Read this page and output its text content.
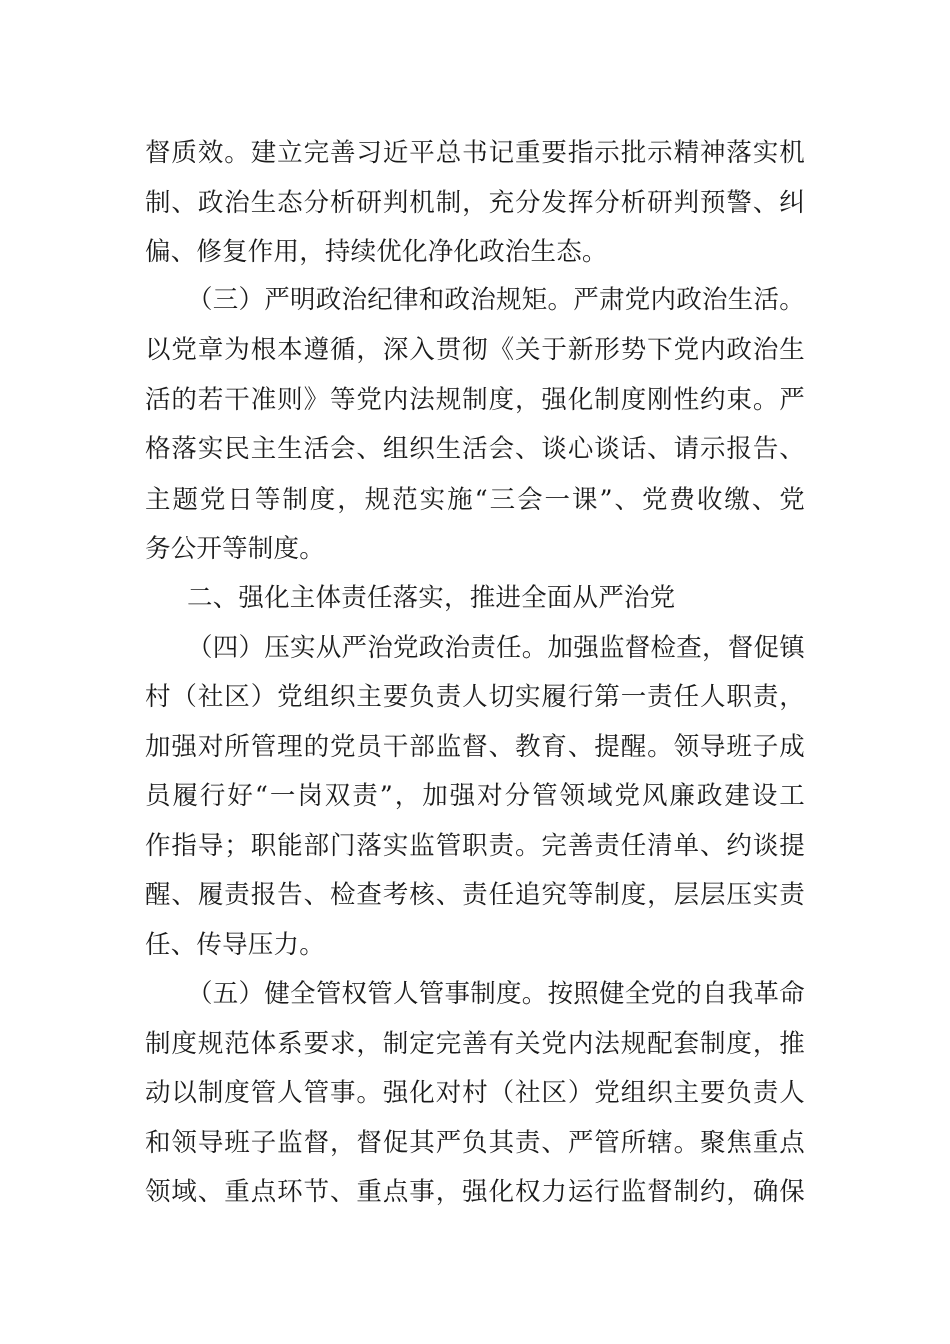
督质效。建立完善习近平总书记重要指示批示精神落实机
制、政治生态分析研判机制，充分发挥分析研判预警、纠
偏、修复作用，持续优化净化政治生态。
（三）严明政治纪律和政治规矩。严肃党内政治生活。
以党章为根本遵循，深入贯彻《关于新形势下党内政治生
活的若干准则》等党内法规制度，强化制度刚性约束。严
格落实民主生活会、组织生活会、谈心谈话、请示报告、
主题党日等制度，规范实施“三会一课”、党费收缴、党
务公开等制度。
二、强化主体责任落实，推进全面从严治党
（四）压实从严治党政治责任。加强监督检查，督促镇
村（社区）党组织主要负责人切实履行第一责任人职责，
加强对所管理的党员干部监督、教育、提醒。领导班子成
员履行好“一岗双责”，加强对分管领域党风廉政建设工
作指导；职能部门落实监管职责。完善责任清单、约谈提
醒、履责报告、检查考核、责任追究等制度，层层压实责
任、传导压力。
（五）健全管权管人管事制度。按照健全党的自我革命
制度规范体系要求，制定完善有关党内法规配套制度，推
动以制度管人管事。强化对村（社区）党组织主要负责人
和领导班子监督，督促其严负其责、严管所辖。聚焦重点
领域、重点环节、重点事，强化权力运行监督制约，确保
